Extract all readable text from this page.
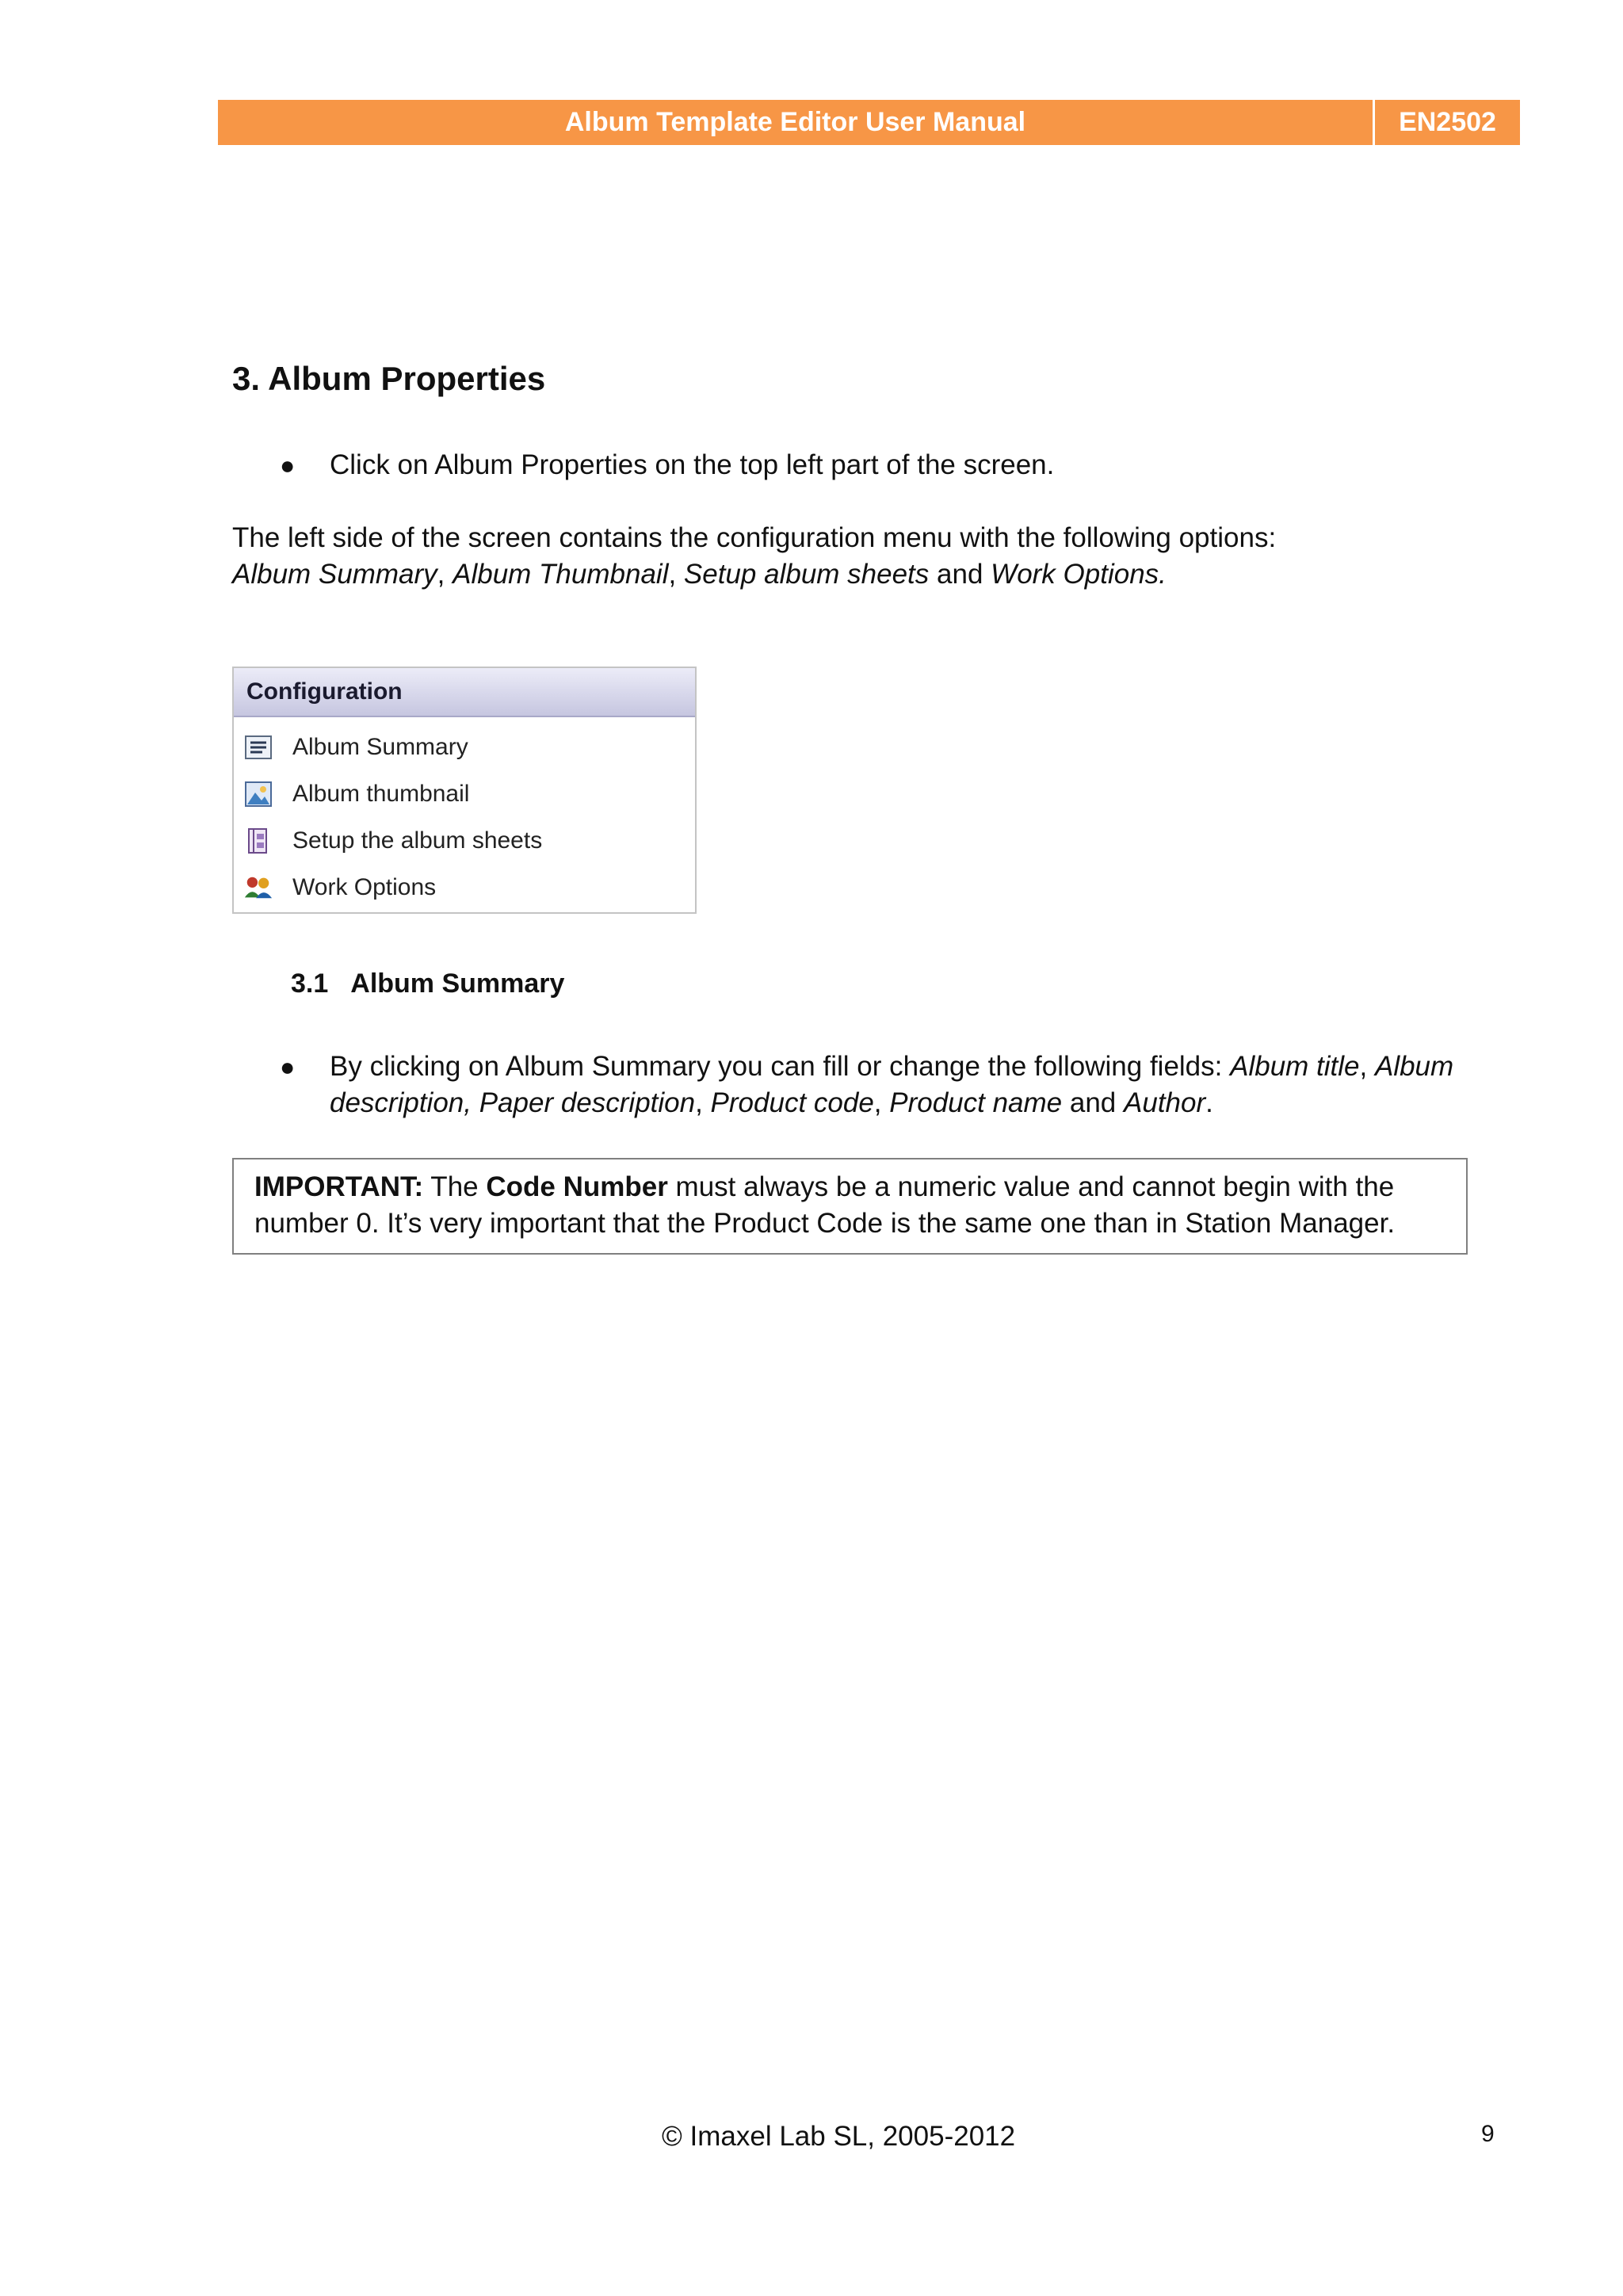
Album Template Editor User Manual	EN2502
3. Album Properties
●	Click on Album Properties on the top left part of the screen.
The left side of the screen contains the configuration menu with the following options:
Album Summary, Album Thumbnail, Setup album sheets and Work Options.
Configuration
Album Summary
Album thumbnail
Setup the album sheets
Work Options
3.1 Album Summary
●	By clicking on Album Summary you can fill or change the following fields: Album title, Album
description, Paper description, Product code, Product name and Author.
IMPORTANT: The Code Number must always be a numeric value and cannot begin with the
number 0. It’s very important that the Product Code is the same one than in Station Manager.
© Imaxel Lab SL, 2005-2012	9
